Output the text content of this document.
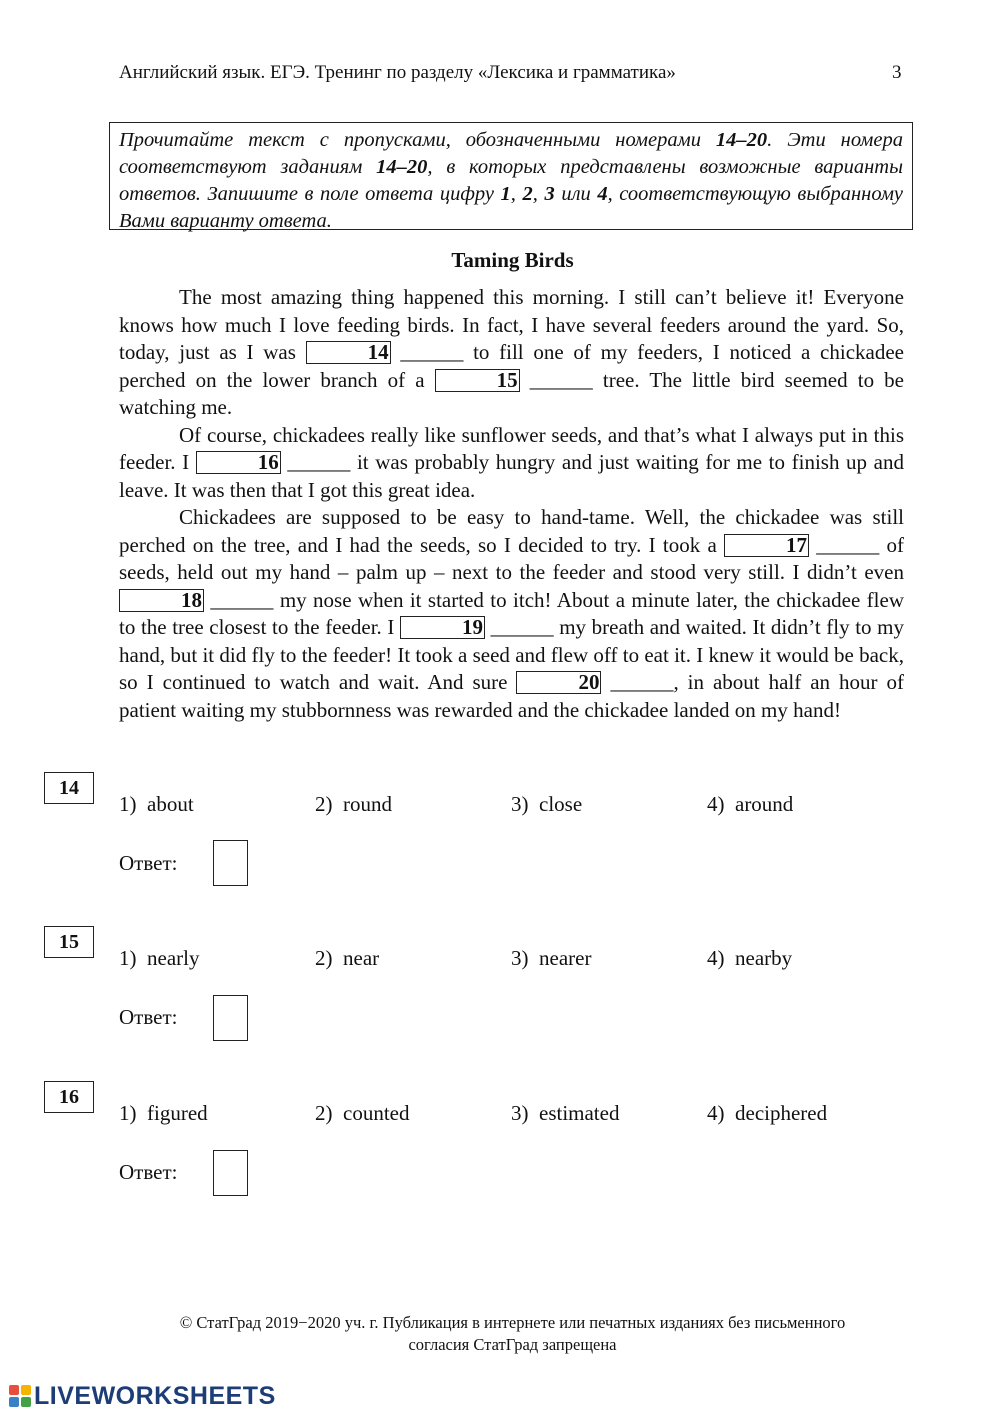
Английский язык. ЕГЭ. Тренинг по разделу «Лексика и грамматика»	3
Прочитайте текст с пропусками, обозначенными номерами 14–20. Эти номера соответствуют заданиям 14–20, в которых представлены возможные варианты ответов. Запишите в поле ответа цифру 1, 2, 3 или 4, соответствующую выбранному Вами варианту ответа.
Taming Birds

The most amazing thing happened this morning. I still can’t believe it! Everyone knows how much I love feeding birds. In fact, I have several feeders around the yard. So, today, just as I was	14 ______ to fill one of my feeders, I noticed a chickadee perched on the lower branch of a	15 ______ tree. The little bird seemed to be watching me.

Of course, chickadees really like sunflower seeds, and that’s what I always put in this feeder. I	16 ______ it was probably hungry and just waiting for me to finish up and leave. It was then that I got this great idea.

Chickadees are supposed to be easy to hand-tame. Well, the chickadee was still perched on the tree, and I had the seeds, so I decided to try. I took a	17 ______ of seeds, held out my hand – palm up – next to the feeder and stood very still. I didn’t even 18 ______ my nose when it started to itch! About a minute later, the chickadee flew to the tree closest to the feeder. I	19 ______ my breath and waited. It didn’t fly to my hand, but it did fly to the feeder! It took a seed and flew off to eat it. I knew it would be back, so I continued to watch and wait. And sure	20 ______, in about half an hour of patient waiting my stubbornness was rewarded and the chickadee landed on my hand!

14
1)  about	2)  round	3)  close	4)  around
Ответ:
15
1)  nearly	2)  near	3)  nearer	4)  nearby
Ответ:
16
1)  figured	2)  counted	3)  estimated	4)  deciphered
Ответ:
© СтатГрад 2019−2020 уч. г. Публикация в интернете или печатных изданиях без письменного
согласия СтатГрад запрещена
LIVEWORKSHEETS
